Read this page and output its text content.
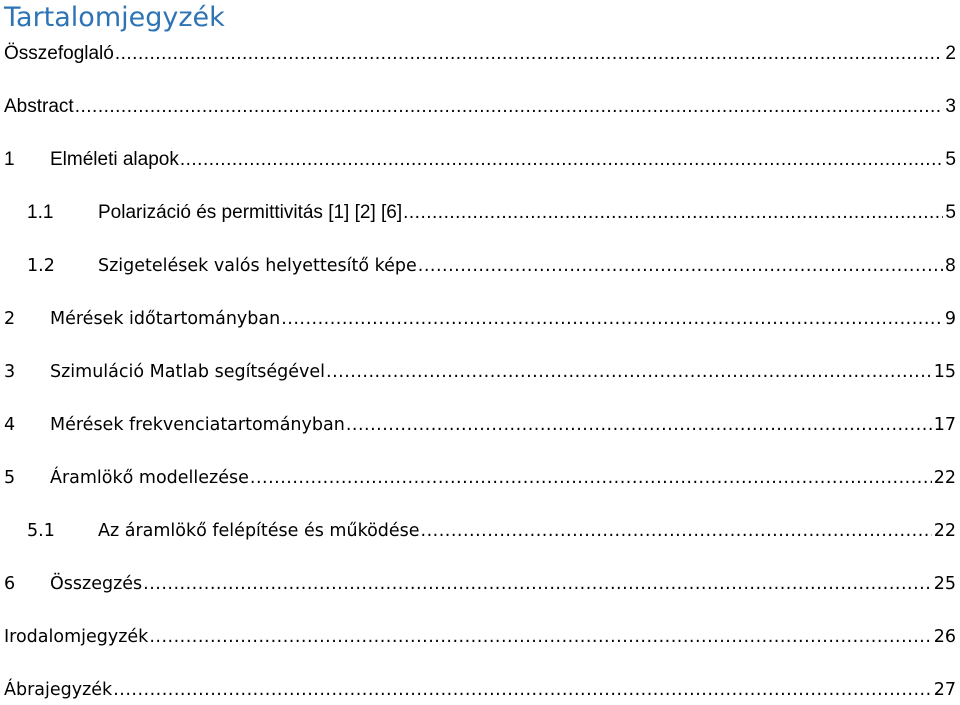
Tartalomjegyzék
Összefoglaló .....	2
Abstract .....	3
1	Elméleti alapok .....	5
1.1	Polarizáció és permittivitás [1] [2] [6] .....	5
1.2	Szigetelések valós helyettesítő képe .....	8
2	Mérések időtartományban .....	9
3	Szimuláció Matlab segítségével .....	15
4	Mérések frekvenciatartományban .....	17
5	Áramlökő modellezése .....	22
5.1	Az áramlökő felépítése és működése .....	22
6	Összegzés .....	25
Irodalomjegyzék .....	26
Ábrajegyzék .....	27
